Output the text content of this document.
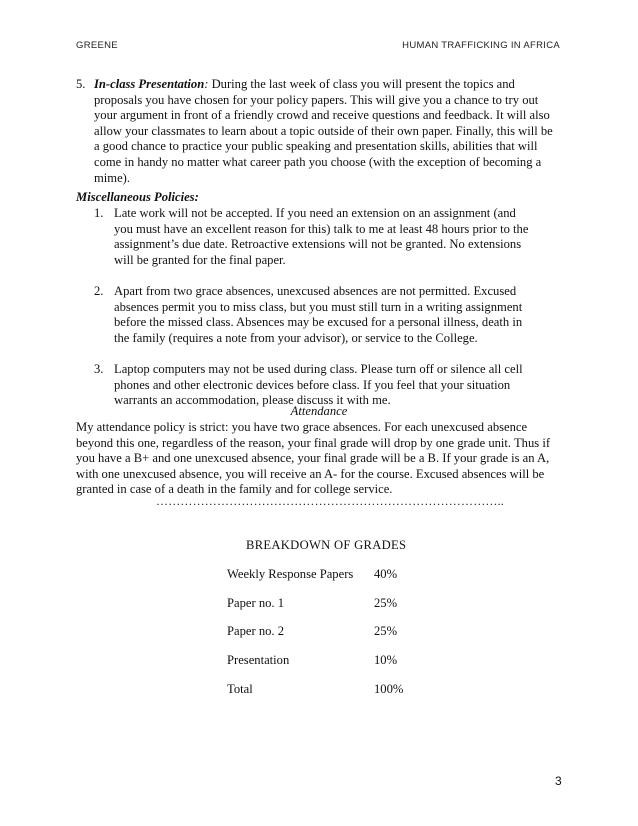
GREENE	HUMAN TRAFFICKING IN AFRICA
5. In-class Presentation: During the last week of class you will present the topics and proposals you have chosen for your policy papers. This will give you a chance to try out your argument in front of a friendly crowd and receive questions and feedback. It will also allow your classmates to learn about a topic outside of their own paper. Finally, this will be a good chance to practice your public speaking and presentation skills, abilities that will come in handy no matter what career path you choose (with the exception of becoming a mime).
Miscellaneous Policies:
1. Late work will not be accepted. If you need an extension on an assignment (and you must have an excellent reason for this) talk to me at least 48 hours prior to the assignment’s due date. Retroactive extensions will not be granted. No extensions will be granted for the final paper.
2. Apart from two grace absences, unexcused absences are not permitted. Excused absences permit you to miss class, but you must still turn in a writing assignment before the missed class. Absences may be excused for a personal illness, death in the family (requires a note from your advisor), or service to the College.
3. Laptop computers may not be used during class. Please turn off or silence all cell phones and other electronic devices before class. If you feel that your situation warrants an accommodation, please discuss it with me.
Attendance
My attendance policy is strict: you have two grace absences. For each unexcused absence beyond this one, regardless of the reason, your final grade will drop by one grade unit. Thus if you have a B+ and one unexcused absence, your final grade will be a B. If your grade is an A, with one unexcused absence, you will receive an A- for the course. Excused absences will be granted in case of a death in the family and for college service.
…………………………………………………………………………..
BREAKDOWN OF GRADES
Weekly Response Papers 40%
Paper no. 1	25%
Paper no. 2	25%
Presentation	10%
Total	100%
3
